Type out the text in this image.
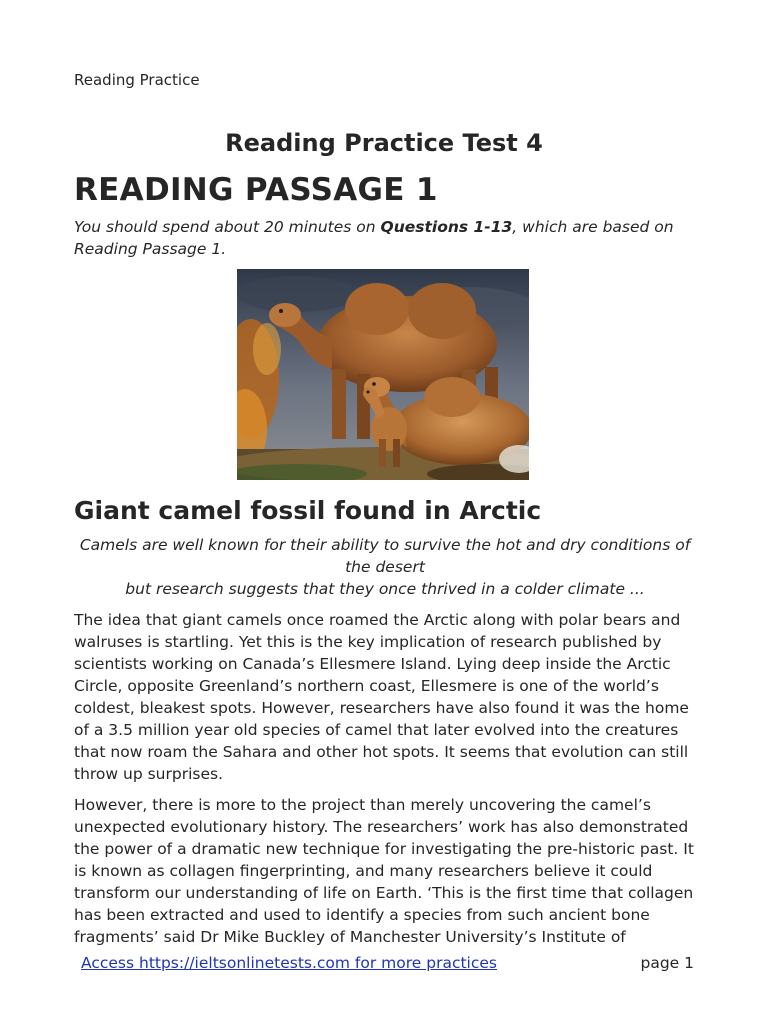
Reading Practice
Reading Practice Test 4
READING PASSAGE 1
You should spend about 20 minutes on Questions 1-13, which are based on Reading Passage 1.
Giant camel fossil found in Arctic
Camels are well known for their ability to survive the hot and dry conditions of the desert
but research suggests that they once thrived in a colder climate ...
The idea that giant camels once roamed the Arctic along with polar bears and walruses is startling. Yet this is the key implication of research published by scientists working on Canada’s Ellesmere Island. Lying deep inside the Arctic Circle, opposite Greenland’s northern coast, Ellesmere is one of the world’s coldest, bleakest spots. However, researchers have also found it was the home of a 3.5 million year old species of camel that later evolved into the creatures that now roam the Sahara and other hot spots. It seems that evolution can still throw up surprises.
However, there is more to the project than merely uncovering the camel’s unexpected evolutionary history. The researchers’ work has also demonstrated the power of a dramatic new technique for investigating the pre-historic past. It is known as collagen fingerprinting, and many researchers believe it could transform our understanding of life on Earth. ‘This is the first time that collagen has been extracted and used to identify a species from such ancient bone fragments’ said Dr Mike Buckley of Manchester University’s Institute of
Access https://ieltsonlinetests.com for more practices	page 1
